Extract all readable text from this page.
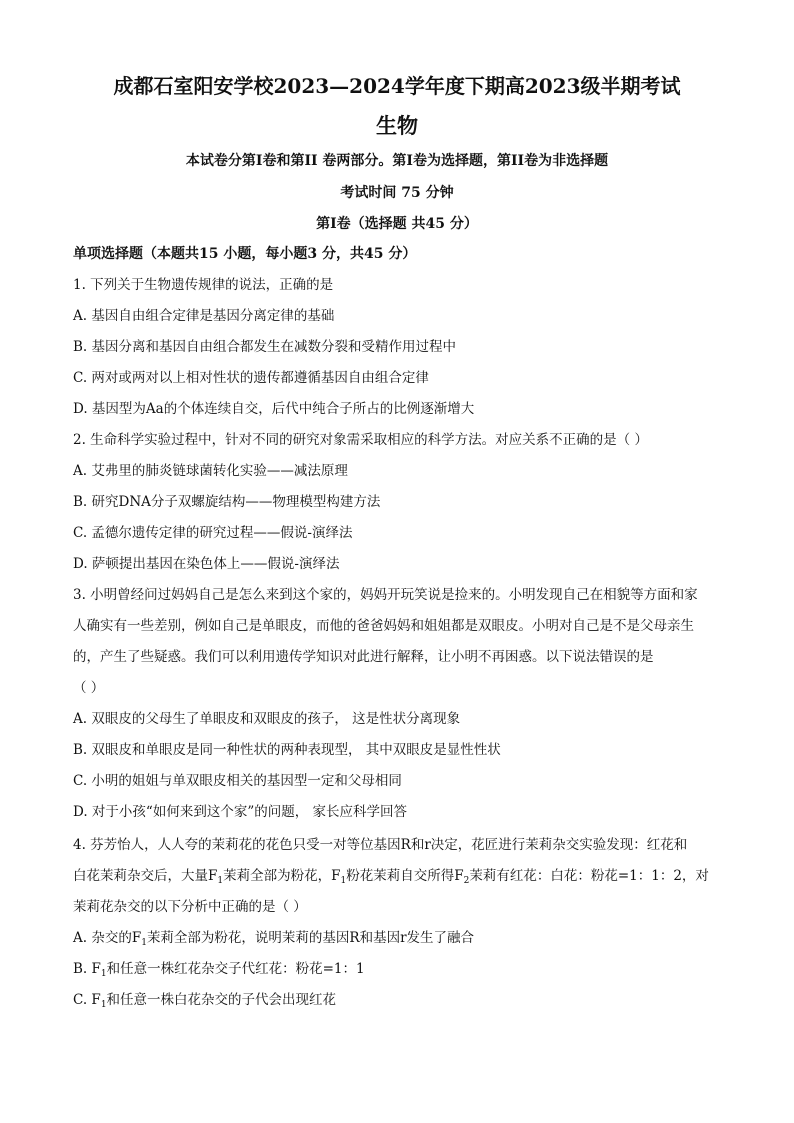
成都石室阳安学校2023—2024学年度下期高2023级半期考试
生物
本试卷分第I卷和第II 卷两部分。第I卷为选择题，第II卷为非选择题
考试时间 75 分钟
第I卷（选择题 共45 分）
单项选择题（本题共15 小题，每小题3 分，共45 分）
1. 下列关于生物遗传规律的说法，正确的是
A. 基因自由组合定律是基因分离定律的基础
B. 基因分离和基因自由组合都发生在减数分裂和受精作用过程中
C. 两对或两对以上相对性状的遗传都遵循基因自由组合定律
D. 基因型为Aa的个体连续自交，后代中纯合子所占的比例逐渐增大
2. 生命科学实验过程中，针对不同的研究对象需采取相应的科学方法。对应关系不正确的是（ ）
A. 艾弗里的肺炎链球菌转化实验——减法原理
B. 研究DNA分子双螺旋结构——物理模型构建方法
C. 孟德尔遗传定律的研究过程——假说-演绎法
D. 萨顿提出基因在染色体上——假说-演绎法
3. 小明曾经问过妈妈自己是怎么来到这个家的，妈妈开玩笑说是捡来的。小明发现自己在相貌等方面和家
人确实有一些差别，例如自己是单眼皮，而他的爸爸妈妈和姐姐都是双眼皮。小明对自己是不是父母亲生
的，产生了些疑惑。我们可以利用遗传学知识对此进行解释，让小明不再困惑。以下说法错误的是
（ ）
A. 双眼皮的父母生了单眼皮和双眼皮的孩子， 这是性状分离现象
B. 双眼皮和单眼皮是同一种性状的两种表现型， 其中双眼皮是显性性状
C. 小明的姐姐与单双眼皮相关的基因型一定和父母相同
D. 对于小孩“如何来到这个家”的问题， 家长应科学回答
4. 芬芳怡人，人人夸的茉莉花的花色只受一对等位基因R和r决定，花匠进行茉莉杂交实验发现：红花和
白花茉莉杂交后，大量$F_1$茉莉全部为粉花，$F_1$粉花茉莉自交所得$F_2$茉莉有红花：白花：粉花=1：1：2，对
茉莉花杂交的以下分析中正确的是（ ）
A. 杂交的$F_1$茉莉全部为粉花，说明茉莉的基因R和基因r发生了融合
B. $F_1$和任意一株红花杂交子代红花：粉花=1：1
C. $F_1$和任意一株白花杂交的子代会出现红花
